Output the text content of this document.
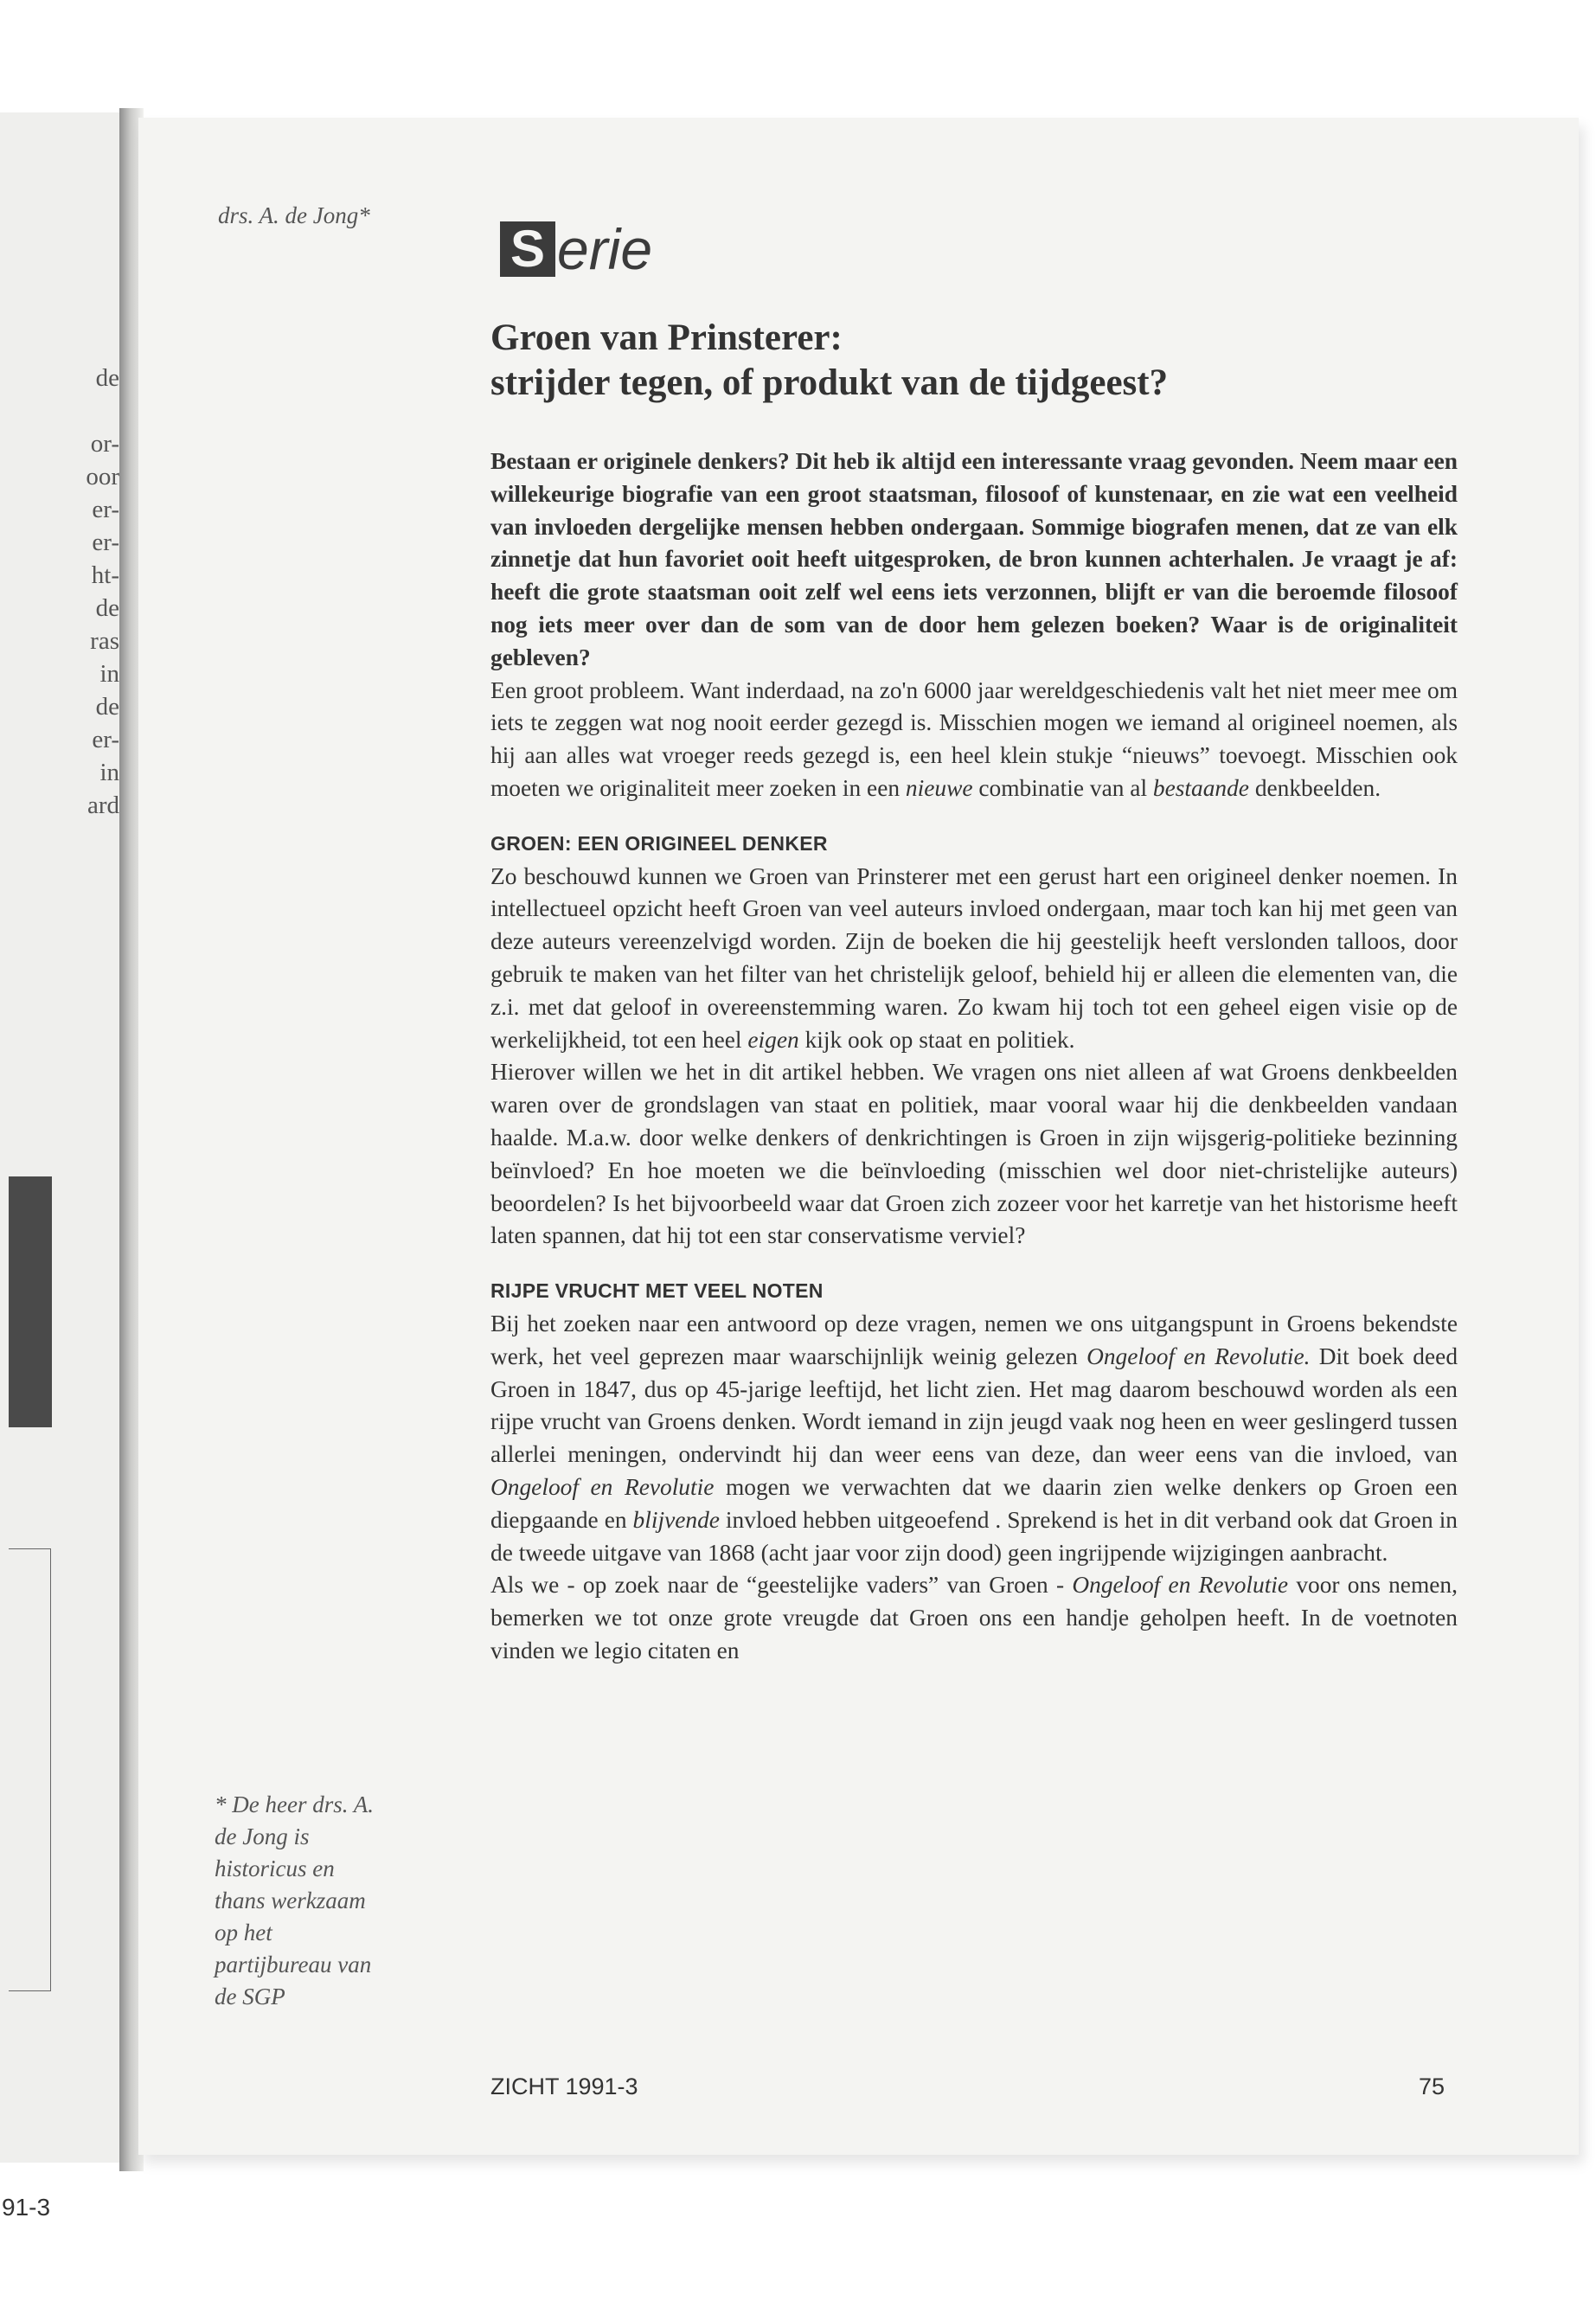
de

or-
oor
er-
er-
ht-
de
ras
in
de
er-
in
ard
91-3
drs. A. de Jong*
S erie
Groen van Prinsterer:
strijder tegen, of produkt van de tijdgeest?

Bestaan er originele denkers? Dit heb ik altijd een interessante vraag gevonden. Neem maar een willekeurige biografie van een groot staatsman, filosoof of kunstenaar, en zie wat een veelheid van invloeden dergelijke mensen hebben ondergaan. Sommige biografen menen, dat ze van elk zinnetje dat hun favoriet ooit heeft uitgesproken, de bron kunnen achterhalen. Je vraagt je af: heeft die grote staatsman ooit zelf wel eens iets verzonnen, blijft er van die beroemde filosoof nog iets meer over dan de som van de door hem gelezen boeken? Waar is de originaliteit gebleven?

Een groot probleem. Want inderdaad, na zo'n 6000 jaar wereldgeschiedenis valt het niet meer mee om iets te zeggen wat nog nooit eerder gezegd is. Misschien mogen we iemand al origineel noemen, als hij aan alles wat vroeger reeds gezegd is, een heel klein stukje “nieuws” toevoegt. Misschien ook moeten we originaliteit meer zoeken in een nieuwe combinatie van al bestaande denkbeelden.

GROEN: EEN ORIGINEEL DENKER

Zo beschouwd kunnen we Groen van Prinsterer met een gerust hart een origineel denker noemen. In intellectueel opzicht heeft Groen van veel auteurs invloed ondergaan, maar toch kan hij met geen van deze auteurs vereenzelvigd worden. Zijn de boeken die hij geestelijk heeft verslonden talloos, door gebruik te maken van het filter van het christelijk geloof, behield hij er alleen die elementen van, die z.i. met dat geloof in overeenstemming waren. Zo kwam hij toch tot een geheel eigen visie op de werkelijkheid, tot een heel eigen kijk ook op staat en politiek.

Hierover willen we het in dit artikel hebben. We vragen ons niet alleen af wat Groens denkbeelden waren over de grondslagen van staat en politiek, maar vooral waar hij die denkbeelden vandaan haalde. M.a.w. door welke denkers of denkrichtingen is Groen in zijn wijsgerig-politieke bezinning beïnvloed? En hoe moeten we die beïnvloeding (misschien wel door niet-christelijke auteurs) beoordelen? Is het bijvoorbeeld waar dat Groen zich zozeer voor het karretje van het historisme heeft laten spannen, dat hij tot een star conservatisme verviel?

RIJPE VRUCHT MET VEEL NOTEN

Bij het zoeken naar een antwoord op deze vragen, nemen we ons uitgangspunt in Groens bekendste werk, het veel geprezen maar waarschijnlijk weinig gelezen Ongeloof en Revolutie. Dit boek deed Groen in 1847, dus op 45-jarige leeftijd, het licht zien. Het mag daarom beschouwd worden als een rijpe vrucht van Groens denken. Wordt iemand in zijn jeugd vaak nog heen en weer geslingerd tussen allerlei meningen, ondervindt hij dan weer eens van deze, dan weer eens van die invloed, van Ongeloof en Revolutie mogen we verwachten dat we daarin zien welke denkers op Groen een diepgaande en blijvende invloed hebben uitgeoefend . Sprekend is het in dit verband ook dat Groen in de tweede uitgave van 1868 (acht jaar voor zijn dood) geen ingrijpende wijzigingen aanbracht.

Als we - op zoek naar de “geestelijke vaders” van Groen - Ongeloof en Revolutie voor ons nemen, bemerken we tot onze grote vreugde dat Groen ons een handje geholpen heeft. In de voetnoten vinden we legio citaten en

* De heer drs. A.
de Jong is
historicus en
thans werkzaam
op het
partijbureau van
de SGP
ZICHT 1991-3	75
